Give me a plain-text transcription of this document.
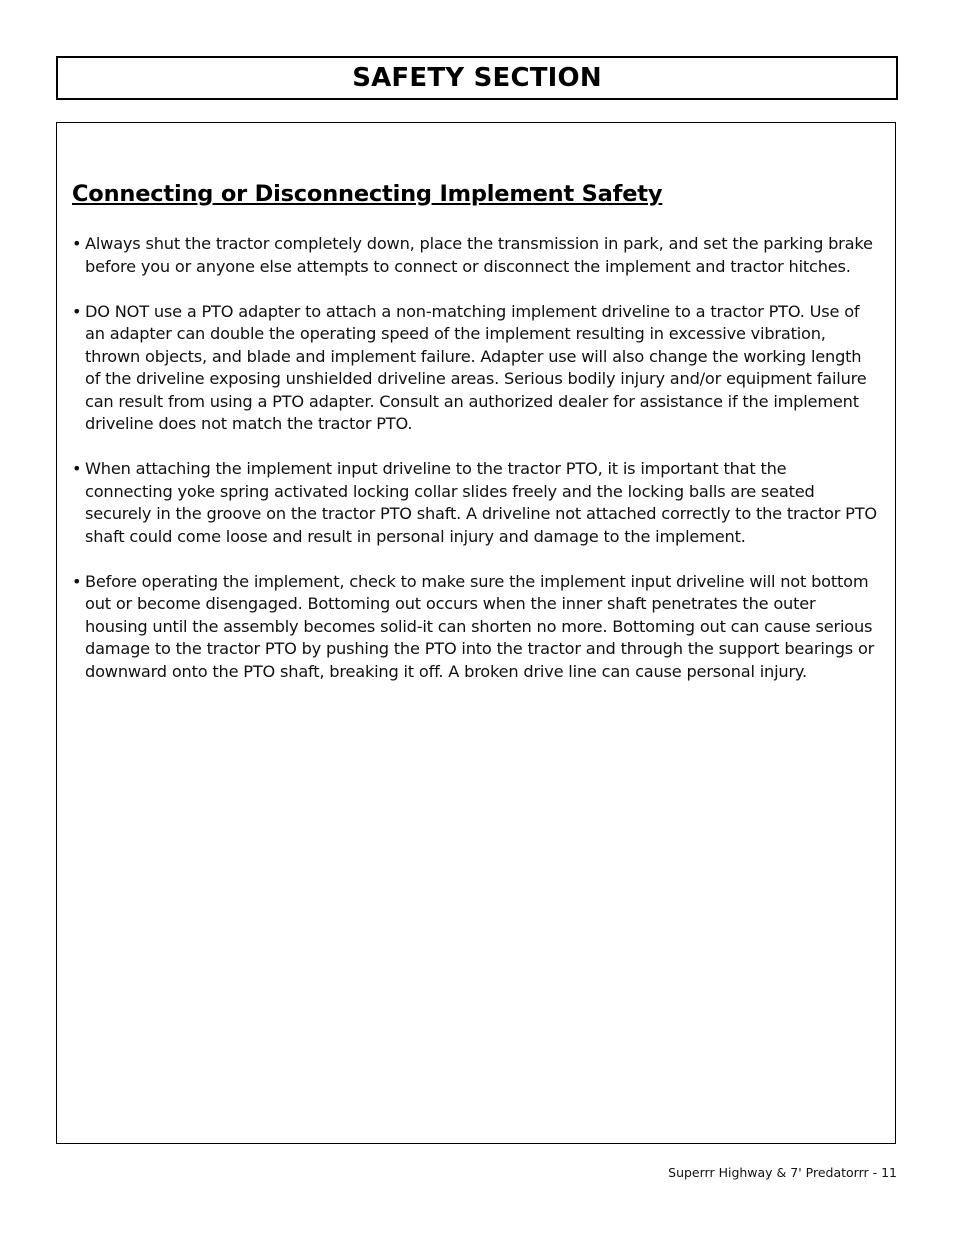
SAFETY SECTION
Connecting or Disconnecting Implement Safety
• Always shut the tractor completely down, place the transmission in park, and set the parking brake before you or anyone else attempts to connect or disconnect the implement and tractor hitches.
• DO NOT use a PTO adapter to attach a non-matching implement driveline to a tractor PTO. Use of an adapter can double the operating speed of the implement resulting in excessive vibration, thrown objects, and blade and implement failure. Adapter use will also change the working length of the driveline exposing unshielded driveline areas. Serious bodily injury and/or equipment failure can result from using a PTO adapter. Consult an authorized dealer for assistance if the implement driveline does not match the tractor PTO.
• When attaching the implement input driveline to the tractor PTO, it is important that the connecting yoke spring activated locking collar slides freely and the locking balls are seated securely in the groove on the tractor PTO shaft. A driveline not attached correctly to the tractor PTO shaft could come loose and result in personal injury and damage to the implement.
• Before operating the implement, check to make sure the implement input driveline will not bottom out or become disengaged. Bottoming out occurs when the inner shaft penetrates the outer housing until the assembly becomes solid-it can shorten no more. Bottoming out can cause serious damage to the tractor PTO by pushing the PTO into the tractor and through the support bearings or downward onto the PTO shaft, breaking it off. A broken drive line can cause personal injury.
Superrr Highway & 7' Predatorrr - 11
